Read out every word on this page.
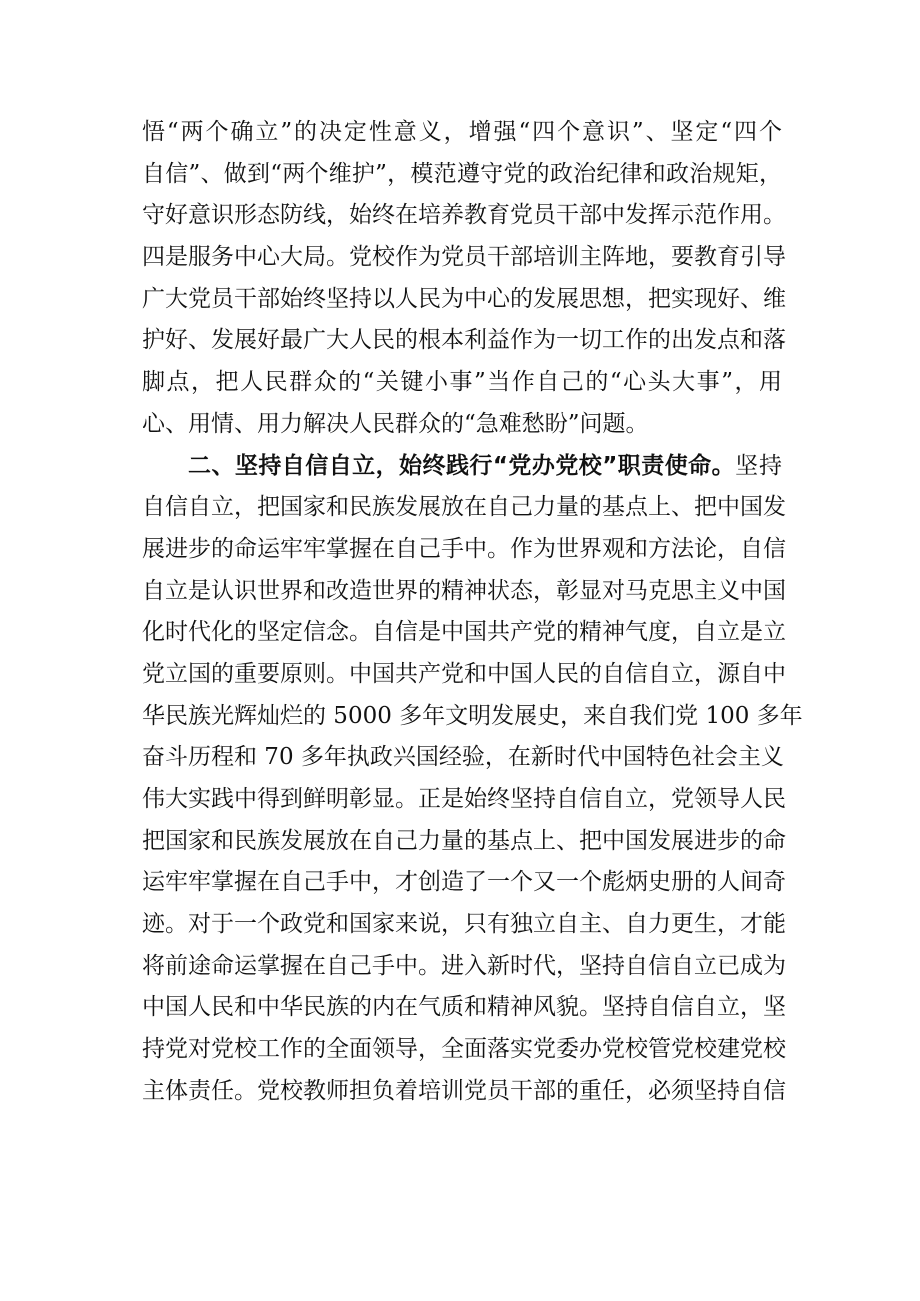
悟“两个确立”的决定性意义，增强“四个意识”、坚定“四个
自信”、做到“两个维护”，模范遵守党的政治纪律和政治规矩，
守好意识形态防线，始终在培养教育党员干部中发挥示范作用。
四是服务中心大局。党校作为党员干部培训主阵地，要教育引导
广大党员干部始终坚持以人民为中心的发展思想，把实现好、维
护好、发展好最广大人民的根本利益作为一切工作的出发点和落
脚点，把人民群众的“关键小事”当作自己的“心头大事”，用
心、用情、用力解决人民群众的“急难愁盼”问题。
二、坚持自信自立，始终践行“党办党校”职责使命。坚持
自信自立，把国家和民族发展放在自己力量的基点上、把中国发
展进步的命运牢牢掌握在自己手中。作为世界观和方法论，自信
自立是认识世界和改造世界的精神状态，彰显对马克思主义中国
化时代化的坚定信念。自信是中国共产党的精神气度，自立是立
党立国的重要原则。中国共产党和中国人民的自信自立，源自中
华民族光辉灿烂的 5000 多年文明发展史，来自我们党 100 多年
奋斗历程和 70 多年执政兴国经验，在新时代中国特色社会主义
伟大实践中得到鲜明彰显。正是始终坚持自信自立，党领导人民
把国家和民族发展放在自己力量的基点上、把中国发展进步的命
运牢牢掌握在自己手中，才创造了一个又一个彪炳史册的人间奇
迹。对于一个政党和国家来说，只有独立自主、自力更生，才能
将前途命运掌握在自己手中。进入新时代，坚持自信自立已成为
中国人民和中华民族的内在气质和精神风貌。坚持自信自立，坚
持党对党校工作的全面领导，全面落实党委办党校管党校建党校
主体责任。党校教师担负着培训党员干部的重任，必须坚持自信
